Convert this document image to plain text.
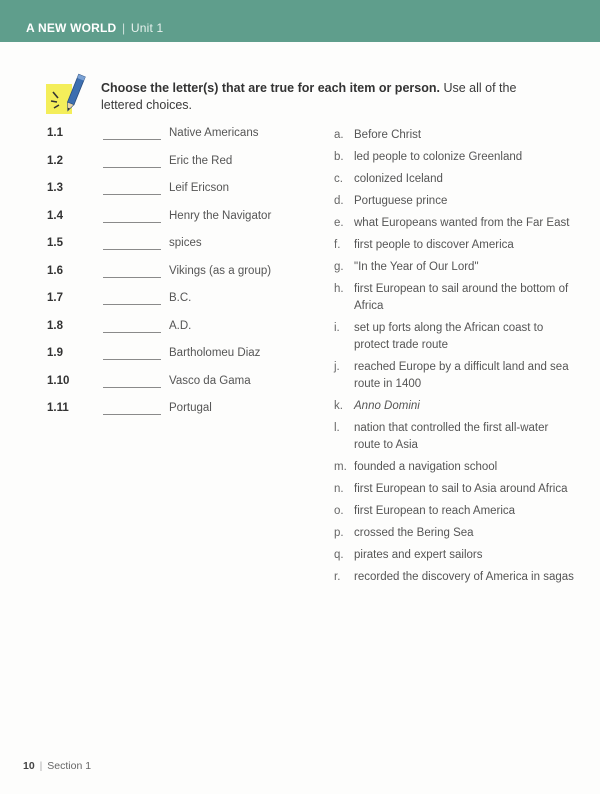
A NEW WORLD | Unit 1
Choose the letter(s) that are true for each item or person. Use all of the lettered choices.
1.1	Native Americans
1.2	Eric the Red
1.3	Leif Ericson
1.4	Henry the Navigator
1.5	spices
1.6	Vikings (as a group)
1.7	B.C.
1.8	A.D.
1.9	Bartholomeu Diaz
1.10	Vasco da Gama
1.11	Portugal
a. Before Christ
b. led people to colonize Greenland
c. colonized Iceland
d. Portuguese prince
e. what Europeans wanted from the Far East
f. first people to discover America
g. "In the Year of Our Lord"
h. first European to sail around the bottom of Africa
i. set up forts along the African coast to protect trade route
j. reached Europe by a difficult land and sea route in 1400
k. Anno Domini
l. nation that controlled the first all-water route to Asia
m. founded a navigation school
n. first European to sail to Asia around Africa
o. first European to reach America
p. crossed the Bering Sea
q. pirates and expert sailors
r. recorded the discovery of America in sagas
10 | Section 1
